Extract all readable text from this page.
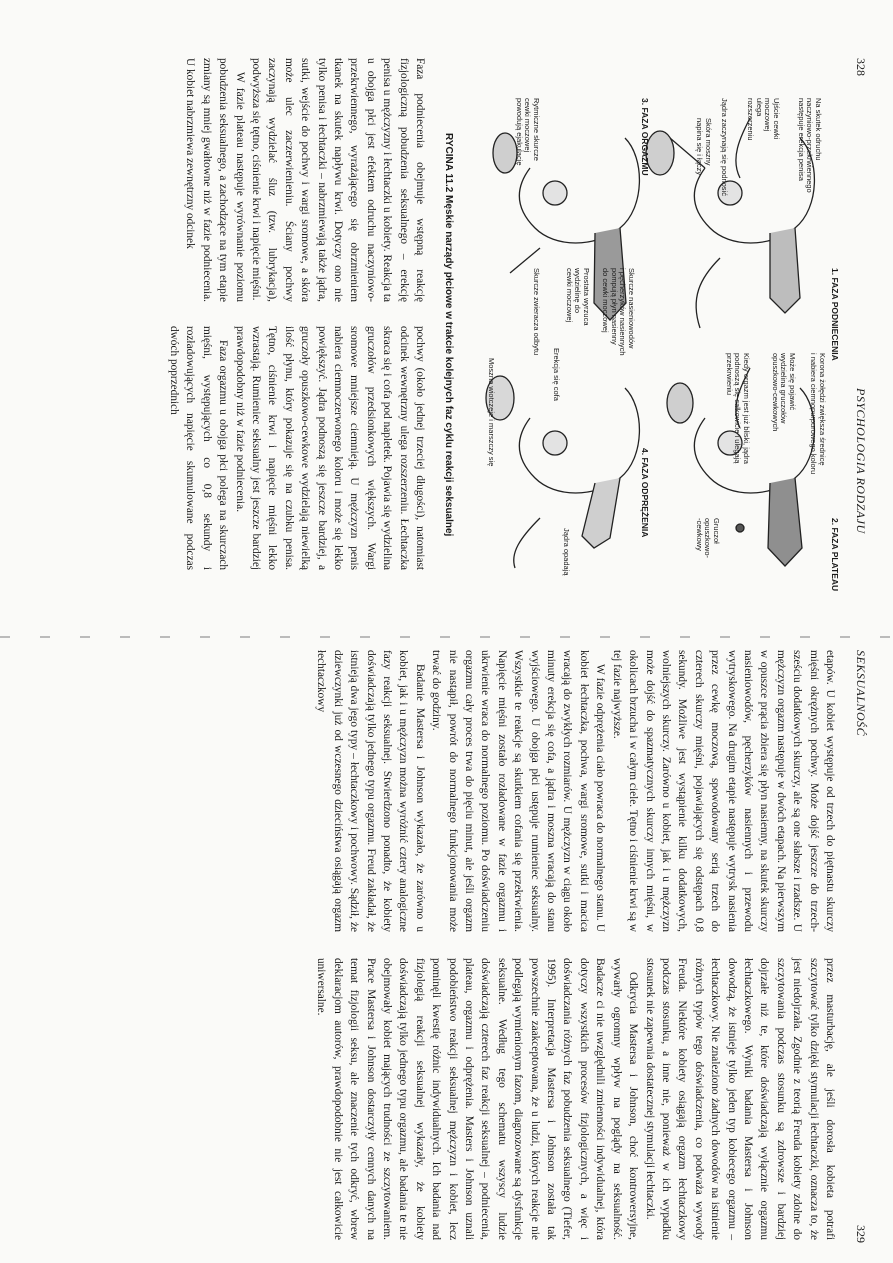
328
PSYCHOLOGIA RODZAJU
1. FAZA PODNIECENIA
2. FAZA PLATEAU
3. FAZA ORGAZMU
4. FAZA ODPRĘŻENIA
Na skutek odruchu
naczyniowo-przekrwiennego
następuje erekcja penisa
Ujście cewki
moczowej
ulega
rozszerzeniu
Jądra zaczynają się podnosić
Skóra moszny
napina się i łączy
Korona żołędzi zwiększa średnicę
i nabiera ciemnopurpurowego koloru
Może się pojawić
wydzielina gruczołów
opuszkowo-cewkowych
Kiedy orgazm jest już bliski, jądra
podnoszą się całkowicie i ulegają
przekrwieniu
Gruczoł
opuszkowo-
-cewkowy
Skurcze nasieniowodów
i pęcherzyków nasiennych
pompują płyn nasienny
do cewki moczowej
Prostata wyrzuca
wydzielinę do
cewki moczowej
Rytmiczne skurcze
cewki moczowej
powodują ejakulację
Skurcze zwieracza odbytu
Erekcja się cofa
Jądra opadają
Moszna wiotczeje i marszczy się
RYCINA 11.2 Męskie narządy płciowe w trakcie kolejnych faz cyklu reakcji seksualnej

Faza podniecenia obejmuje wstępną reakcję fizjologiczną pobudzenia seksualnego – erekcję penisa u mężczyzny i łechtaczki u kobiety. Reakcja ta u obojga płci jest efektem odruchu naczyniowo-przekrwiennego, wyrażającego się obrzmieniem tkanek na skutek napływu krwi. Dotyczy ono nie tylko penisa i łechtaczki – nabrzmiewają także jądra, sutki, wejście do pochwy i wargi sromowe, a skóra może ulec zaczerwienieniu. Ściany pochwy zaczynają wydzielać śluz (tzw. lubrykacja), podwyższa się tętno, ciśnienie krwi i napięcie mięśni.

W fazie plateau następuje wyrównanie poziomu pobudzenia seksualnego, a zachodzące na tym etapie zmiany są mniej gwałtowne niż w fazie podniecenia. U kobiet nabrzmiewa zewnętrzny odcinek

pochwy (około jednej trzeciej długości), natomiast odcinek wewnętrzny ulega rozszerzeniu. Łechtaczka skraca się i cofa pod napletek. Pojawia się wydzielina gruczołów przedsionkowych większych. Wargi sromowe mniejsze ciemnieją. U mężczyzn penis nabiera ciemnoczerwonego koloru i może się lekko powiększyć. Jądra podnoszą się jeszcze bardziej, a gruczoły opuszkowo-cewkowe wydzielają niewielką ilość płynu, który pokazuje się na czubku penisa. Tętno, ciśnienie krwi i napięcie mięśni lekko wzrastają. Rumieniec seksualny jest jeszcze bardziej prawdopodobny niż w fazie podniecenia.

Faza orgazmu u obojga płci polega na skurczach mięśni, występujących co 0,8 sekundy i rozładowujących napięcie skumulowane podczas dwóch poprzednich

SEKSUALNOŚĆ
329

etapów. U kobiet występuje od trzech do piętnastu skurczy mięśni okrężnych pochwy. Może dojść jeszcze do trzech-sześciu dodatkowych skurczy, ale są one słabsze i rzadsze. U mężczyzn orgazm następuje w dwóch etapach. Na pierwszym w opuszce prącia zbiera się płyn nasienny, na skutek skurczy nasieniowodów, pęcherzyków nasiennych i przewodu wytryskowego. Na drugim etapie następuje wytrysk nasienia przez cewkę moczową, spowodowany serią trzech do czterech skurczy mięśni, pojawiających się odstępach 0,8 sekundy. Możliwe jest wystąpienie kilku dodatkowych, wolniejszych skurczy. Zarówno u kobiet, jak i u mężczyzn może dojść do spazmatycznych skurczy innych mięśni, w okolicach brzucha i w całym ciele. Tętno i ciśnienie krwi są w tej fazie najwyższe.

W fazie odprężenia ciało powraca do normalnego stanu. U kobiet łechtaczka, pochwa, wargi sromowe, sutki i macica wracają do zwykłych rozmiarów. U mężczyzn w ciągu około minuty erekcja się cofa, a jądra i moszna wracają do stanu wyjściowego. U obojga płci ustępuje rumieniec seksualny. Wszystkie te reakcje są skutkiem cofania się przekrwienia. Napięcie mięśni zostało rozładowane w fazie orgazmu i ukrwienie wraca do normalnego poziomu. Po doświadczeniu orgazmu cały proces trwa do pięciu minut, ale jeśli orgazm nie nastąpił, powrót do normalnego funkcjonowania może trwać do godziny.

Badanie Mastersa i Johnson wykazało, że zarówno u kobiet, jak i u mężczyzn można wyróżnić cztery analogiczne fazy reakcji seksualnej. Stwierdzono ponadto, że kobiety doświadczają tylko jednego typu orgazmu. Freud zakładał, że istnieją dwa jego typy – łechtaczkowy i pochwowy. Sądził, że dziewczynki już od wczesnego dzieciństwa osiągają orgazm łechtaczkowy

przez masturbację, ale jeśli dorosła kobieta potrafi szczytować tylko dzięki stymulacji łechtaczki, oznacza to, że jest niedojrzała. Zgodnie z teorią Freuda kobiety zdolne do szczytowania podczas stosunku są zdrowsze i bardziej dojrzałe niż te, które doświadczają wyłącznie orgazmu łechtaczkowego. Wyniki badania Mastersa i Johnson dowodzą, że istnieje tylko jeden typ kobiecego orgazmu – łechtaczkowy. Nie znaleziono żadnych dowodów na istnienie różnych typów tego doświadczenia, co podważa wywody Freuda. Niektóre kobiety osiągają orgazm łechtaczkowy podczas stosunku, a inne nie, ponieważ w ich wypadku stosunek nie zapewnia dostatecznej stymulacji łechtaczki.

Odkrycia Mastersa i Johnson, choć kontrowersyjne, wywarły ogromny wpływ na poglądy na seksualność. Badacze ci nie uwzględnili zmienności indywidualnej, która dotyczy wszystkich procesów fizjologicznych, a więc i doświadczania różnych faz pobudzenia seksualnego (Tiefer, 1995). Interpretacja Mastersa i Johnson została tak powszechnie zaakceptowana, że u ludzi, których reakcje nie podlegają wymienionym fazom, diagnozowane są dysfunkcje seksualne. Według tego schematu wszyscy ludzie doświadczają czterech faz reakcji seksualnej – podniecenia, plateau, orgazmu i odprężenia. Masters i Johnson uznali podobieństwo reakcji seksualnej mężczyzn i kobiet, lecz pominęli kwestię różnic indywidualnych. Ich badania nad fizjologią reakcji seksualnej wykazały, że kobiety doświadczają tylko jednego typu orgazmu, ale badania te nie obejmowały kobiet mających trudności ze szczytowaniem. Prace Mastersa i Johnson dostarczyły cennych danych na temat fizjologii seksu, ale znaczenie tych odkryć, wbrew deklaracjom autorów, prawdopodobnie nie jest całkowicie uniwersalne.
